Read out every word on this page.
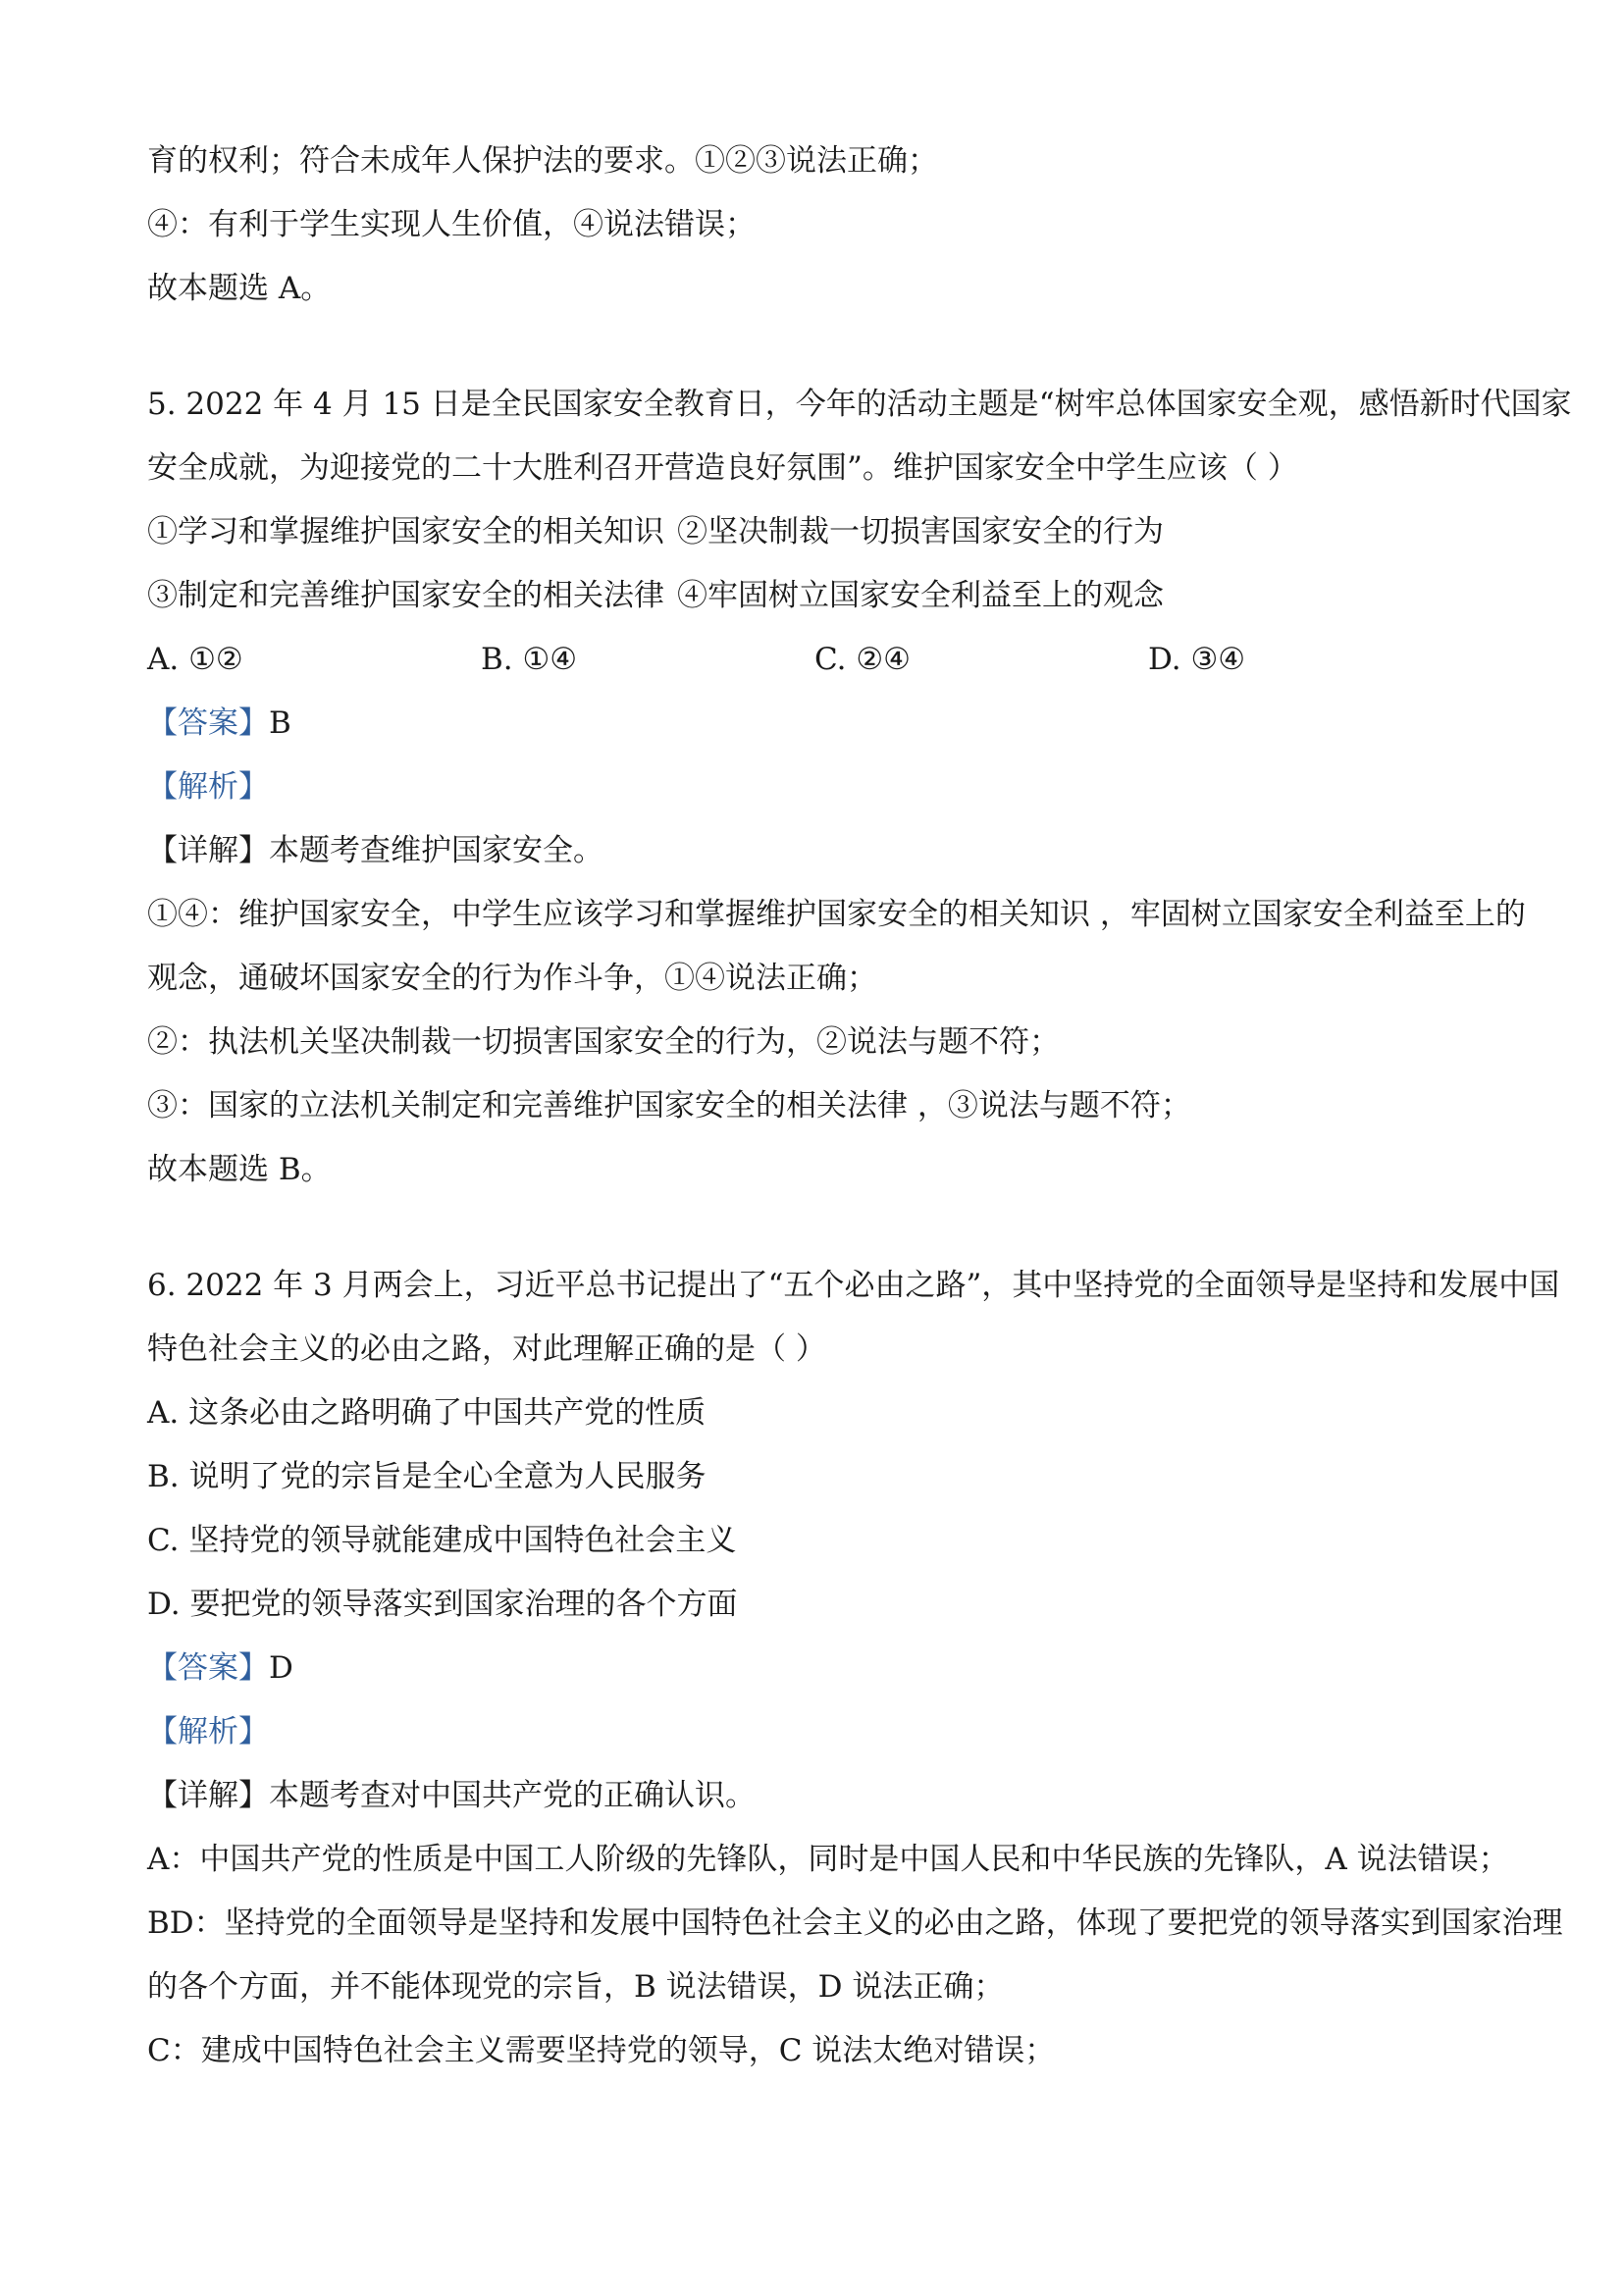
育的权利；符合未成年人保护法的要求。①②③说法正确；
④：有利于学生实现人生价值，④说法错误；
故本题选 A。
5. 2022 年 4 月 15 日是全民国家安全教育日，今年的活动主题是“树牢总体国家安全观，感悟新时代国家
安全成就，为迎接党的二十大胜利召开营造良好氛围”。维护国家安全中学生应该（ ）
①学习和掌握维护国家安全的相关知识 ②坚决制裁一切损害国家安全的行为
③制定和完善维护国家安全的相关法律 ④牢固树立国家安全利益至上的观念
A. ①②	B. ①④	C. ②④	D. ③④
【答案】B
【解析】
【详解】本题考查维护国家安全。
①④：维护国家安全，中学生应该学习和掌握维护国家安全的相关知识 ，牢固树立国家安全利益至上的
观念，通破坏国家安全的行为作斗争，①④说法正确；
②：执法机关坚决制裁一切损害国家安全的行为，②说法与题不符；
③：国家的立法机关制定和完善维护国家安全的相关法律 ，③说法与题不符；
故本题选 B。
6. 2022 年 3 月两会上，习近平总书记提出了“五个必由之路”，其中坚持党的全面领导是坚持和发展中国
特色社会主义的必由之路，对此理解正确的是（ ）
A. 这条必由之路明确了中国共产党的性质
B. 说明了党的宗旨是全心全意为人民服务
C. 坚持党的领导就能建成中国特色社会主义
D. 要把党的领导落实到国家治理的各个方面
【答案】D
【解析】
【详解】本题考查对中国共产党的正确认识。
A：中国共产党的性质是中国工人阶级的先锋队，同时是中国人民和中华民族的先锋队，A 说法错误；
BD：坚持党的全面领导是坚持和发展中国特色社会主义的必由之路，体现了要把党的领导落实到国家治理
的各个方面，并不能体现党的宗旨，B 说法错误，D 说法正确；
C：建成中国特色社会主义需要坚持党的领导，C 说法太绝对错误；
